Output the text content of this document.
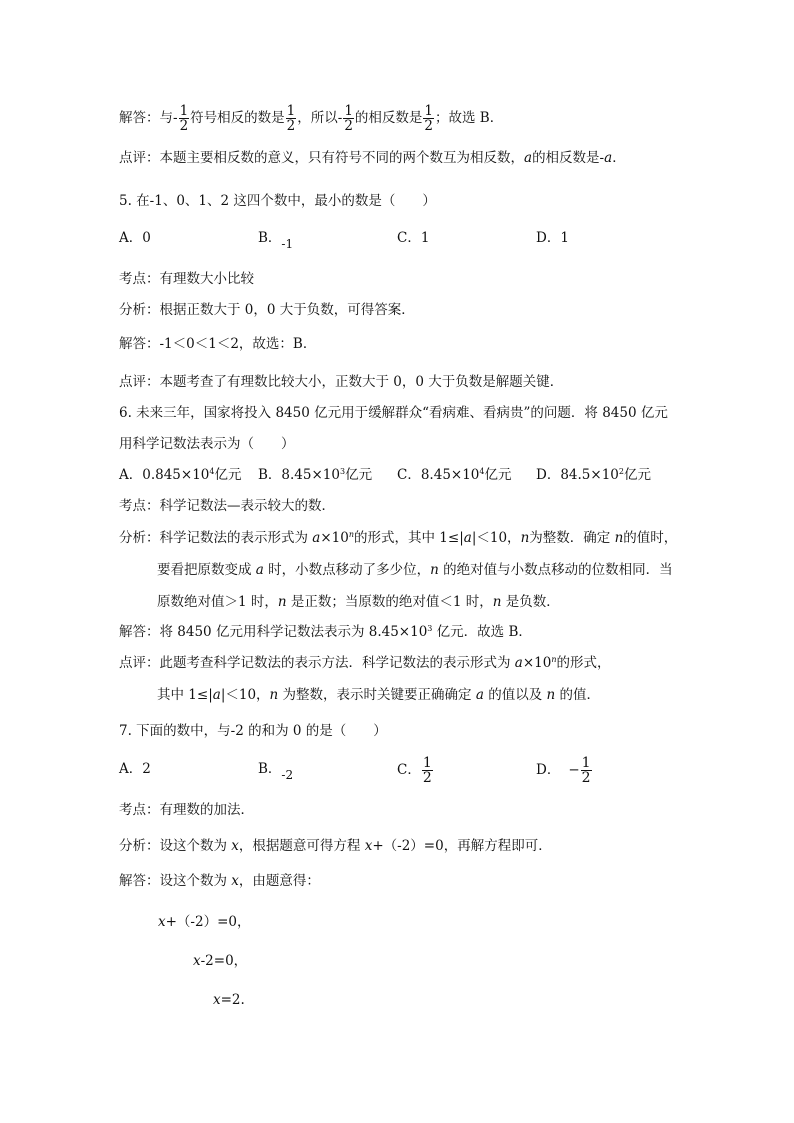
解答：与- $\frac{1}{2}$ 符号相反的数是 $\frac{1}{2}$ ，所以- $\frac{1}{2}$ 的相反数是 $\frac{1}{2}$ ；故选 B．
点评：本题主要相反数的意义，只有符号不同的两个数互为相反数，a的相反数是-a．
5. 在-1、0、1、2 这四个数中，最小的数是（　　）
A．0	B．-1	C．1	D．1
考点：有理数大小比较
分析：根据正数大于 0，0 大于负数，可得答案．
解答：-1＜0＜1＜2，故选：B．
点评：本题考查了有理数比较大小，正数大于 0，0 大于负数是解题关键．
6. 未来三年，国家将投入 8450 亿元用于缓解群众“看病难、看病贵”的问题．将 8450 亿元
用科学记数法表示为（　　）
A．$0.845\times 10^4$亿元 B．$8.45\times 10^3$亿元 C．$8.45\times 10^4$亿元 D．$84.5\times 10^2$亿元
考点：科学记数法—表示较大的数．
分析：科学记数法的表示形式为 $a\times 10^n$的形式，其中 1≤|a|＜10，n为整数．确定 n的值时，
要看把原数变成 a 时，小数点移动了多少位，n 的绝对值与小数点移动的位数相同．当
原数绝对值＞1 时，n 是正数；当原数的绝对值＜1 时，n 是负数．
解答：将 8450 亿元用科学记数法表示为 $8.45\times 10^3$ 亿元．故选 B．
点评：此题考查科学记数法的表示方法．科学记数法的表示形式为 $a\times 10^n$的形式，
其中 1≤|a|＜10，n 为整数，表示时关键要正确确定 a 的值以及 n 的值．
7. 下面的数中，与-2 的和为 0 的是（　　）
A．2	B．-2	C． $\frac{1}{2}$	D． − $\frac{1}{2}$
考点：有理数的加法．
分析：设这个数为 x，根据题意可得方程 x+（-2）=0，再解方程即可．
解答：设这个数为 x，由题意得：
x+（-2）=0，
x-2=0，
x=2.
